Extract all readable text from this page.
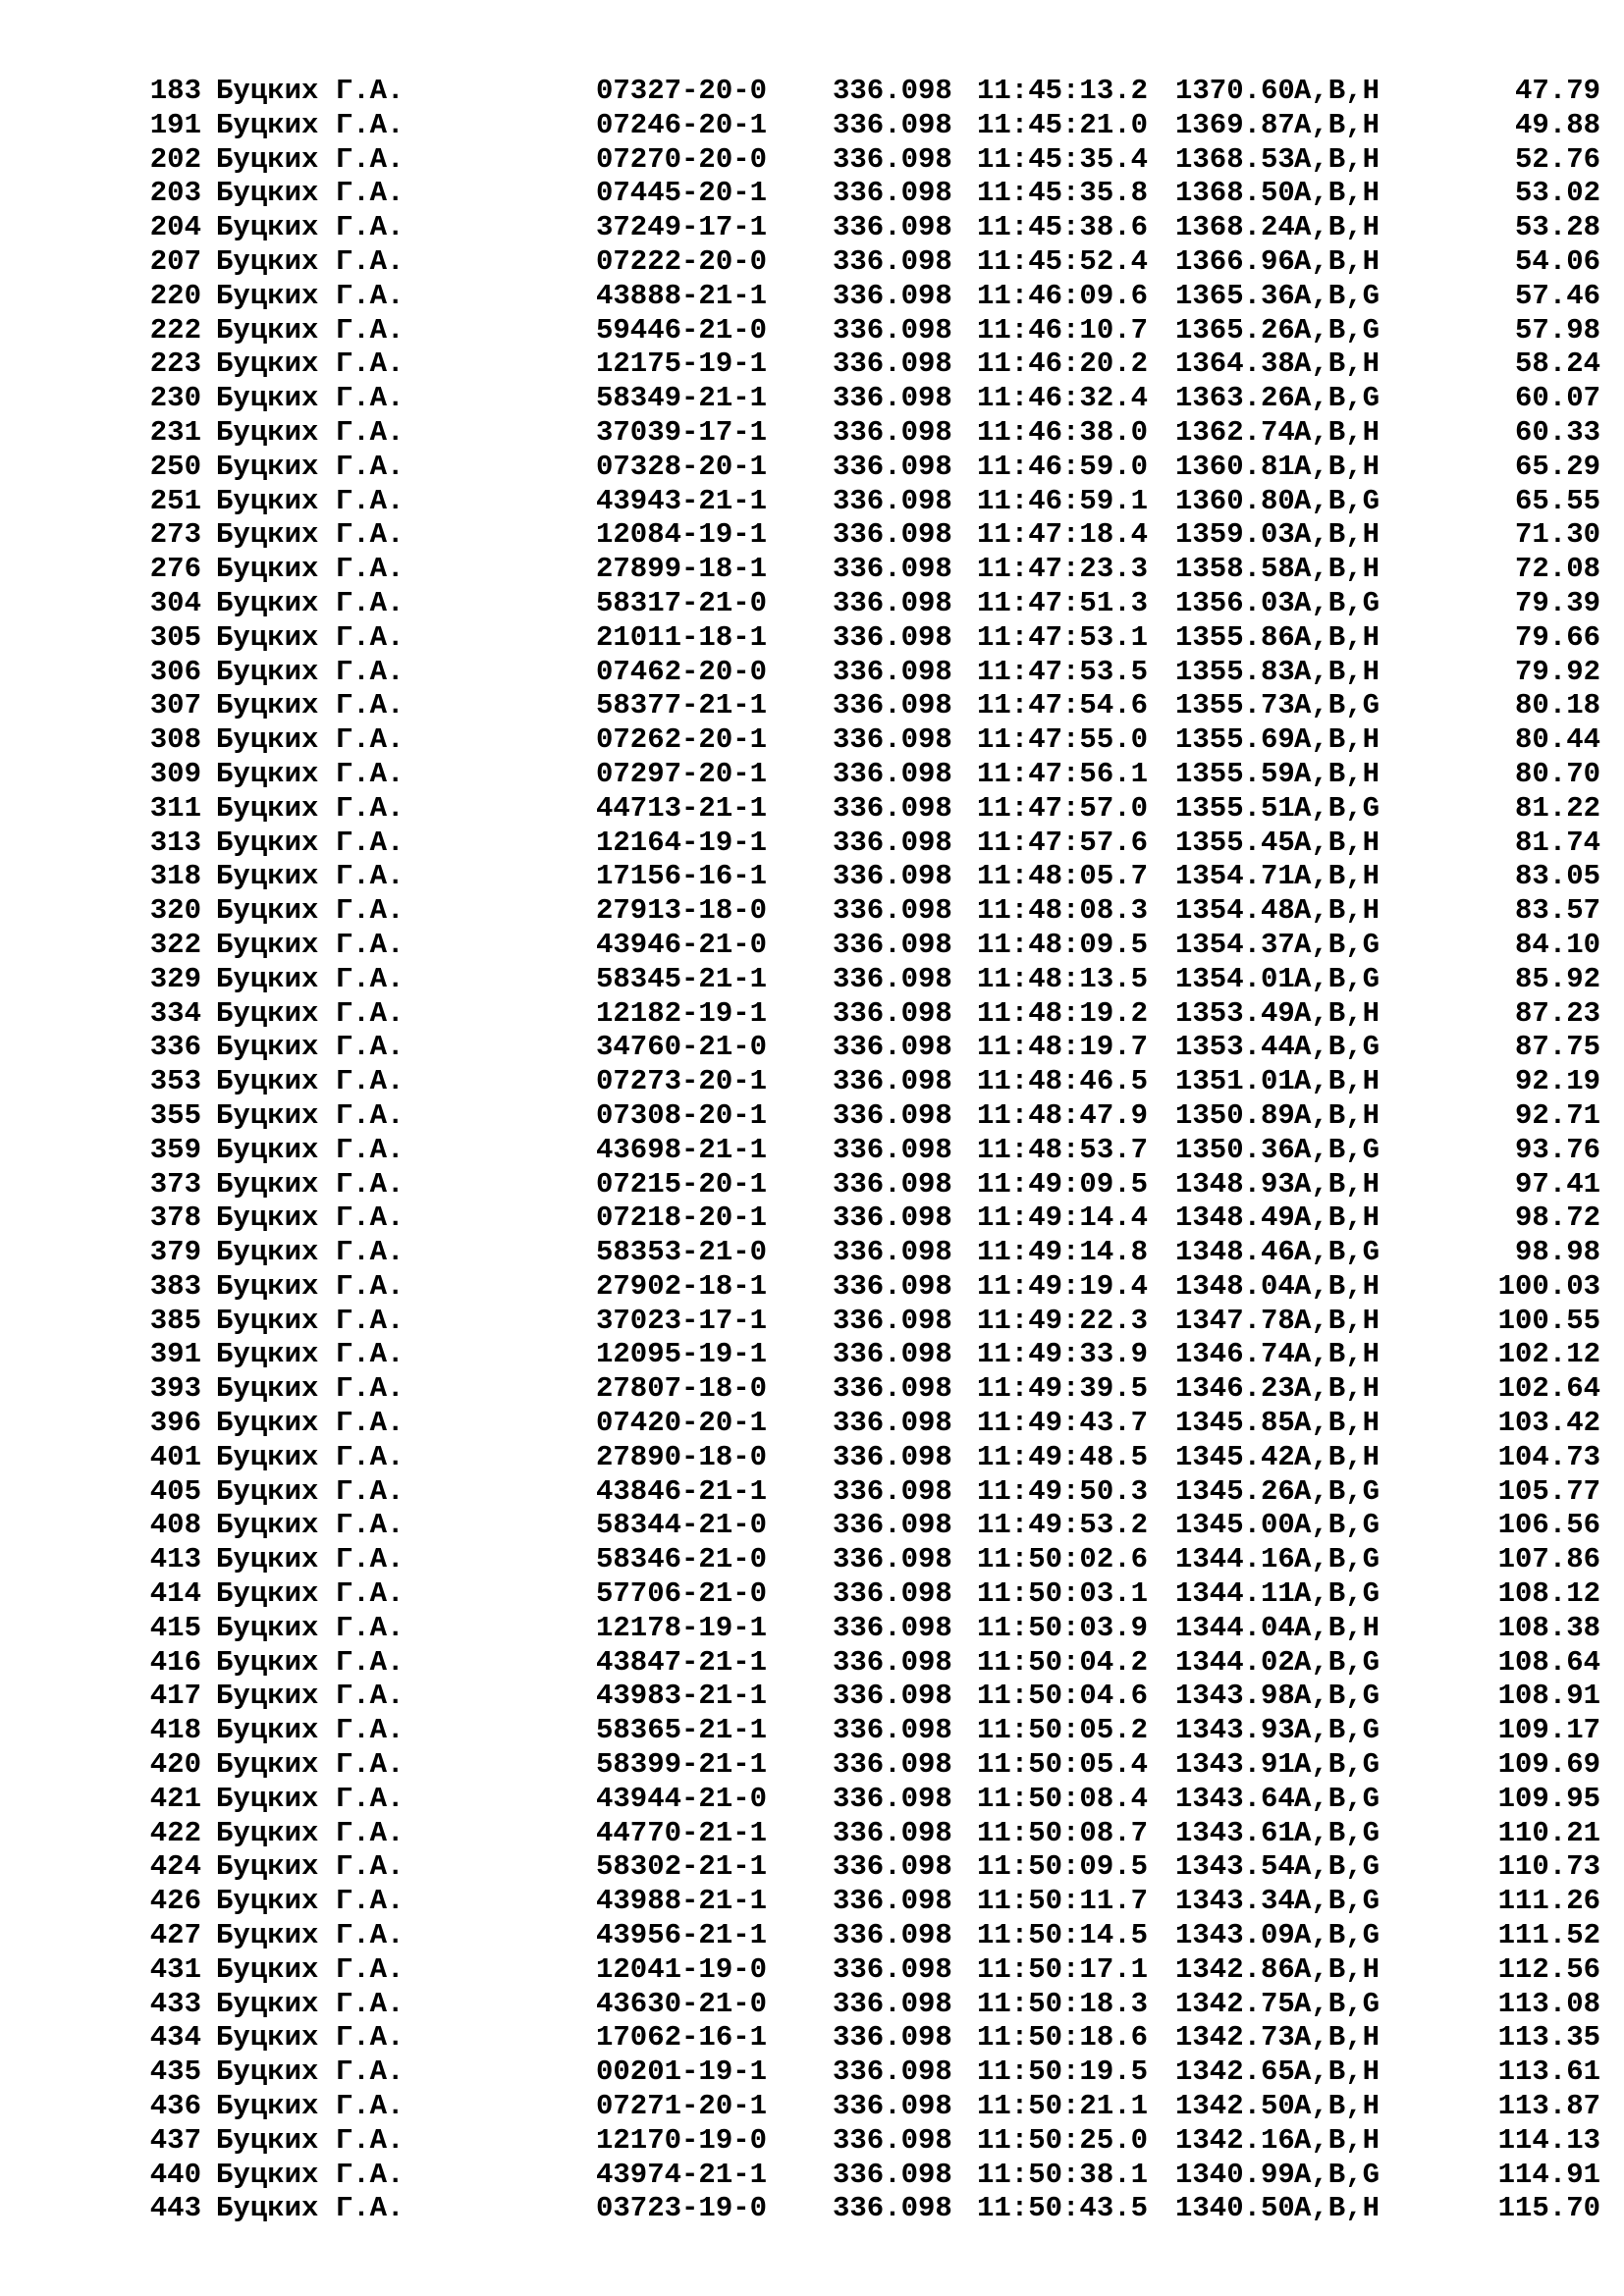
183 Буцких Г.А.	07327-20-0 336.098 11:45:13.2 1370.60 A,B,H	47.79
191 Буцких Г.А.	07246-20-1 336.098 11:45:21.0 1369.87 A,B,H	49.88
202 Буцких Г.А.	07270-20-0 336.098 11:45:35.4 1368.53 A,B,H	52.76
203 Буцких Г.А.	07445-20-1 336.098 11:45:35.8 1368.50 A,B,H	53.02
204 Буцких Г.А.	37249-17-1 336.098 11:45:38.6 1368.24 A,B,H	53.28
207 Буцких Г.А.	07222-20-0 336.098 11:45:52.4 1366.96 A,B,H	54.06
220 Буцких Г.А.	43888-21-1 336.098 11:46:09.6 1365.36 A,B,G	57.46
222 Буцких Г.А.	59446-21-0 336.098 11:46:10.7 1365.26 A,B,G	57.98
223 Буцких Г.А.	12175-19-1 336.098 11:46:20.2 1364.38 A,B,H	58.24
230 Буцких Г.А.	58349-21-1 336.098 11:46:32.4 1363.26 A,B,G	60.07
231 Буцких Г.А.	37039-17-1 336.098 11:46:38.0 1362.74 A,B,H	60.33
250 Буцких Г.А.	07328-20-1 336.098 11:46:59.0 1360.81 A,B,H	65.29
251 Буцких Г.А.	43943-21-1 336.098 11:46:59.1 1360.80 A,B,G	65.55
273 Буцких Г.А.	12084-19-1 336.098 11:47:18.4 1359.03 A,B,H	71.30
276 Буцких Г.А.	27899-18-1 336.098 11:47:23.3 1358.58 A,B,H	72.08
304 Буцких Г.А.	58317-21-0 336.098 11:47:51.3 1356.03 A,B,G	79.39
305 Буцких Г.А.	21011-18-1 336.098 11:47:53.1 1355.86 A,B,H	79.66
306 Буцких Г.А.	07462-20-0 336.098 11:47:53.5 1355.83 A,B,H	79.92
307 Буцких Г.А.	58377-21-1 336.098 11:47:54.6 1355.73 A,B,G	80.18
308 Буцких Г.А.	07262-20-1 336.098 11:47:55.0 1355.69 A,B,H	80.44
309 Буцких Г.А.	07297-20-1 336.098 11:47:56.1 1355.59 A,B,H	80.70
311 Буцких Г.А.	44713-21-1 336.098 11:47:57.0 1355.51 A,B,G	81.22
313 Буцких Г.А.	12164-19-1 336.098 11:47:57.6 1355.45 A,B,H	81.74
318 Буцких Г.А.	17156-16-1 336.098 11:48:05.7 1354.71 A,B,H	83.05
320 Буцких Г.А.	27913-18-0 336.098 11:48:08.3 1354.48 A,B,H	83.57
322 Буцких Г.А.	43946-21-0 336.098 11:48:09.5 1354.37 A,B,G	84.10
329 Буцких Г.А.	58345-21-1 336.098 11:48:13.5 1354.01 A,B,G	85.92
334 Буцких Г.А.	12182-19-1 336.098 11:48:19.2 1353.49 A,B,H	87.23
336 Буцких Г.А.	34760-21-0 336.098 11:48:19.7 1353.44 A,B,G	87.75
353 Буцких Г.А.	07273-20-1 336.098 11:48:46.5 1351.01 A,B,H	92.19
355 Буцких Г.А.	07308-20-1 336.098 11:48:47.9 1350.89 A,B,H	92.71
359 Буцких Г.А.	43698-21-1 336.098 11:48:53.7 1350.36 A,B,G	93.76
373 Буцких Г.А.	07215-20-1 336.098 11:49:09.5 1348.93 A,B,H	97.41
378 Буцких Г.А.	07218-20-1 336.098 11:49:14.4 1348.49 A,B,H	98.72
379 Буцких Г.А.	58353-21-0 336.098 11:49:14.8 1348.46 A,B,G	98.98
383 Буцких Г.А.	27902-18-1 336.098 11:49:19.4 1348.04 A,B,H	100.03
385 Буцких Г.А.	37023-17-1 336.098 11:49:22.3 1347.78 A,B,H	100.55
391 Буцких Г.А.	12095-19-1 336.098 11:49:33.9 1346.74 A,B,H	102.12
393 Буцких Г.А.	27807-18-0 336.098 11:49:39.5 1346.23 A,B,H	102.64
396 Буцких Г.А.	07420-20-1 336.098 11:49:43.7 1345.85 A,B,H	103.42
401 Буцких Г.А.	27890-18-0 336.098 11:49:48.5 1345.42 A,B,H	104.73
405 Буцких Г.А.	43846-21-1 336.098 11:49:50.3 1345.26 A,B,G	105.77
408 Буцких Г.А.	58344-21-0 336.098 11:49:53.2 1345.00 A,B,G	106.56
413 Буцких Г.А.	58346-21-0 336.098 11:50:02.6 1344.16 A,B,G	107.86
414 Буцких Г.А.	57706-21-0 336.098 11:50:03.1 1344.11 A,B,G	108.12
415 Буцких Г.А.	12178-19-1 336.098 11:50:03.9 1344.04 A,B,H	108.38
416 Буцких Г.А.	43847-21-1 336.098 11:50:04.2 1344.02 A,B,G	108.64
417 Буцких Г.А.	43983-21-1 336.098 11:50:04.6 1343.98 A,B,G	108.91
418 Буцких Г.А.	58365-21-1 336.098 11:50:05.2 1343.93 A,B,G	109.17
420 Буцких Г.А.	58399-21-1 336.098 11:50:05.4 1343.91 A,B,G	109.69
421 Буцких Г.А.	43944-21-0 336.098 11:50:08.4 1343.64 A,B,G	109.95
422 Буцких Г.А.	44770-21-1 336.098 11:50:08.7 1343.61 A,B,G	110.21
424 Буцких Г.А.	58302-21-1 336.098 11:50:09.5 1343.54 A,B,G	110.73
426 Буцких Г.А.	43988-21-1 336.098 11:50:11.7 1343.34 A,B,G	111.26
427 Буцких Г.А.	43956-21-1 336.098 11:50:14.5 1343.09 A,B,G	111.52
431 Буцких Г.А.	12041-19-0 336.098 11:50:17.1 1342.86 A,B,H	112.56
433 Буцких Г.А.	43630-21-0 336.098 11:50:18.3 1342.75 A,B,G	113.08
434 Буцких Г.А.	17062-16-1 336.098 11:50:18.6 1342.73 A,B,H	113.35
435 Буцких Г.А.	00201-19-1 336.098 11:50:19.5 1342.65 A,B,H	113.61
436 Буцких Г.А.	07271-20-1 336.098 11:50:21.1 1342.50 A,B,H	113.87
437 Буцких Г.А.	12170-19-0 336.098 11:50:25.0 1342.16 A,B,H	114.13
440 Буцких Г.А.	43974-21-1 336.098 11:50:38.1 1340.99 A,B,G	114.91
443 Буцких Г.А.	03723-19-0 336.098 11:50:43.5 1340.50 A,B,H	115.70
